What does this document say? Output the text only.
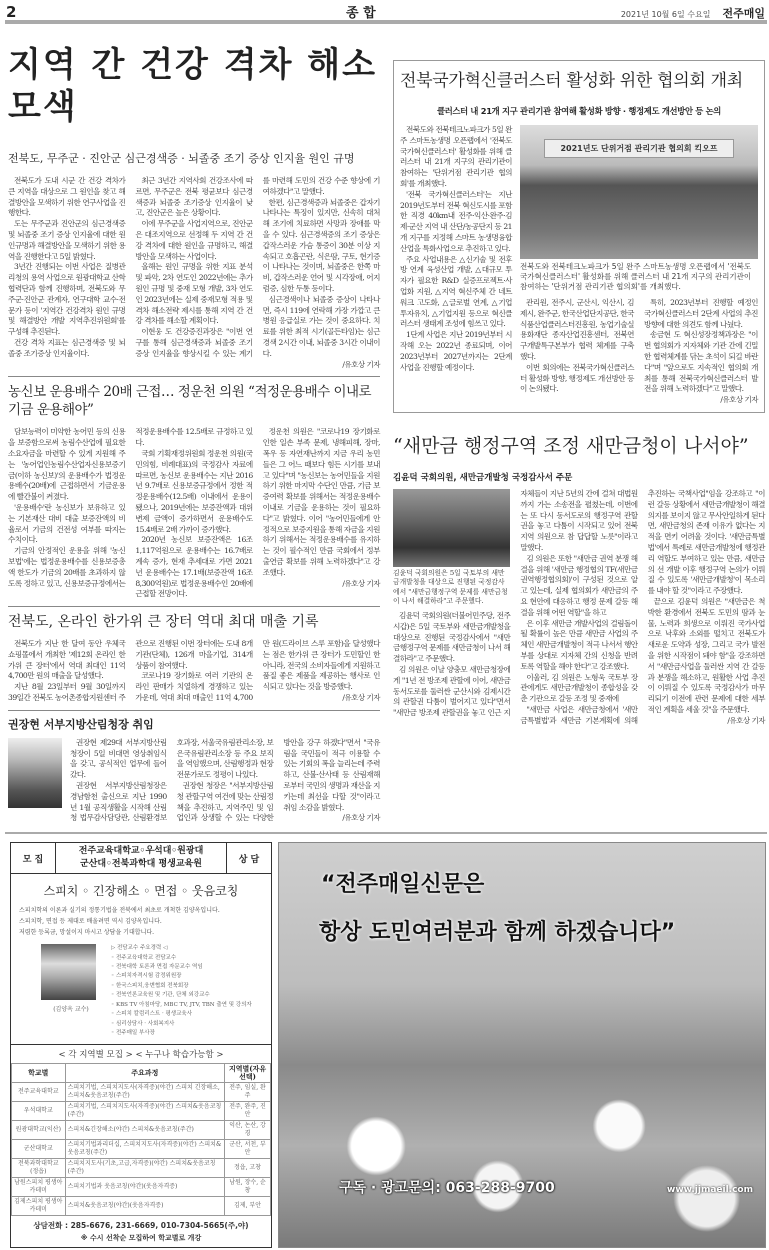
2	종 합	2021년 10월 6일 수요일 전주매일
지역 간 건강 격차 해소 모색
전북도, 무주군 · 진안군 심근경색증 · 뇌졸중 조기 증상 인지율 원인 규명

전북도가 도내 시군 간 건강 격차가 큰 지역을 대상으로 그 원인을 찾고 해결방안을 모색하기 위한 연구사업을 진행한다.

도는 무주군과 진안군의 심근경색증 및 뇌졸중 조기 증상 인지율에 대한 원인규명과 해결방안을 모색하기 위한 용역을 진행한다고 5일 밝혔다.

3년간 진행되는 이번 사업은 질병관리청의 용역 사업으로 원광대학교 산학협력단과 함께 진행하며, 전북도와 무주군·진안군 관계자, 연구대학 교수·전문가 등이 '지역간 건강격차 원인 규명 및 해결방안 개발 지역추진위원회'를 구성해 추진된다.

건강 격차 지표는 심근경색증 및 뇌졸중 조기증상 인지율이다.

최근 3년간 지역사회 건강조사에 따르면, 무주군은 전북 평균보다 심근경색증과 뇌졸중 조기증상 인지율이 낮고, 진안군은 높은 상황이다.

이에 무주군을 사업지역으로, 진안군은 대조지역으로 선정해 두 지역 간 건강 격차에 대한 원인을 규명하고, 해결방안을 모색하는 사업이다.

올해는 원인 규명을 위한 지표 분석 및 파악, 2차 연도인 2022년에는 추가 원인 규명 및 중재 모형 개발, 3차 연도인 2023년에는 실제 중재모형 적용 및 격차 해소전략 제시를 통해 지역 간 건강 격차를 해소할 계획이다.

이현웅 도 건강증진과장은 "이번 연구를 통해 심근경색증과 뇌졸중 조기 증상 인지율을 향상시킬 수 있는 계기를 마련해 도민의 건강 수준 향상에 기여하겠다"고 말했다.

한편, 심근경색증과 뇌졸중은 갑자기 나타나는 특징이 있지만, 신속히 대처해 조기에 치료하면 사망과 장애를 막을 수 있다. 심근경색증의 조기 증상은 갑작스러운 가슴 통증이 30분 이상 지속되고 호흡곤란, 식은땀, 구토, 현기증이 나타나는 것이며, 뇌졸중은 한쪽 마비, 갑작스러운 언어 및 시각장애, 어지럼증, 심한 두통 등이다.

심근경색이나 뇌졸중 증상이 나타나면, 즉시 119에 연락해 가장 가깝고 큰 병원 응급실로 가는 것이 중요하다. 치료를 위한 최적 시기(골든타임)는 심근경색 2시간 이내, 뇌졸중 3시간 이내이다.

/유호상 기자
농신보 운용배수 20배 근접… 정운천 의원 “적정운용배수 이내로 기금 운용해야”

담보능력이 미약한 농어민 등의 신용을 보증함으로써 농림수산업에 필요한 소요자금을 마련할 수 있게 지원해 주는 '농어업인농림수산업자신용보증기금(이하 농신보)'의 운용배수가 법정운용배수(20배)에 근접하면서 기금운용에 빨간불이 켜졌다.

'운용배수'란 농신보가 보유하고 있는 기본재산 대비 대출 보증잔액의 비율로서 기금의 건전성 여부를 따지는 수치이다.

기금의 안정적인 운용을 위해 '농신보법'에는 법정운용배수를 신용보증총액 한도가 기금의 20배를 초과하지 않도록 정하고 있고, 신용보증규정에서는 적정운용배수를 12.5배로 규정하고 있다.

국회 기획재정위원회 정운천 의원(국민의힘, 비례대표)의 국정감사 자료에 따르면, 농신보 운용배수는 지난 2016년 9.7배로 신용보증규정에서 정한 적정운용배수(12.5배) 이내에서 운용이 됐으나, 2019년에는 보증잔액과 대위변제 금액이 증가하면서 운용배수도 15.4배로 2배 가까이 증가했다.

2020년 농신보 보증잔액은 16조 1,117억원으로 운용배수는 16.7배로 계속 증가, 현재 추세대로 가면 2021년 운용배수는 17.1배(보증잔액 16조 8,300억원)로 법정운용배수인 20배에 근접할 전망이다.

정운천 의원은 "코로나19 장기화로 인한 일손 부족 문제, 냉해피해, 장마, 폭우 등 자연재난까지 지금 우리 농민들은 그 어느 때보다 힘든 시기를 보내고 있다"며 "농신보는 농어민들을 지원하기 위한 마지막 수단인 만큼, 기금 보증여력 확보를 위해서는 적정운용배수 이내로 기금을 운용하는 것이 필요하다"고 밝혔다. 이어 "농어민들에게 안정적으로 보증지원을 통해 자금을 지원하기 위해서는 적정운용배수를 유지하는 것이 필수적인 만큼 국회에서 정부출연금 확보를 위해 노력하겠다"고 강조했다.

/유호상 기자
전북도, 온라인 한가위 큰 장터 역대 최대 매출 기록

전북도가 지난 한 달여 동안 우체국 쇼핑몰에서 개최한 '제12회 온라인 한가위 큰 장터'에서 역대 최대인 11억 4,700만 원의 매출을 달성했다.

지난 8월 23일부터 9월 30일까지 39일간 전북도 농어촌종합지원센터 주관으로 진행된 이번 장터에는 도내 8개 기관(단체), 126개 마을기업, 314개 상품이 참여했다.

코로나19 장기화로 여러 기관의 온라인 판매가 치열하게 경쟁하고 있는 가운데, 역대 최대 매출인 11억 4,700만 원(드라이브 스루 포함)을 달성했다는 점은 한가위 큰 장터가 도민할인 한 아니라, 전국의 소비자들에게 지원하고 품질 좋은 제품을 제공하는 행사로 인식되고 있다는 것을 방증했다.

/유호상 기자
권장현 서부지방산림청장 취임

권장현 제29대 서부지방산림청장이 5일 비대면 영상취임식을 갖고, 공식적인 업무에 들어갔다.

권장현 서부지방산림청장은 경남함천 출신으로 지난 1990년 1월 공직생활을 시작해 산림청 법무감사담당관, 산림환경보호과장, 서울국유림관리소장, 보은국유림관리소장 등 주요 보직을 역임했으며, 산림행정과 현장전문가로도 정평이 나있다.

권장현 청장은 "서부지방산림청 관할구역 여건에 맞는 산림정책을 추진하고, 지역주민 및 임업인과 상생할 수 있는 다양한 방안을 강구 하겠다"면서 "국유림을 국민들이 적극 이용할 수 있는 기회의 폭을 늘리는데 주력하고, 산불·산사태 등 산림재해로부터 국민의 생명과 재산을 지키는데 최선을 다할 것"이라고 취임 소감을 밝혔다.

/유호상 기자
전북국가혁신클러스터 활성화 위한 협의회 개최
클러스터 내 21개 지구 관리기관 참여해 활성화 방향 · 행정제도 개선방안 등 논의

전북도와 전북테크노파크가 5일 완주 스마트농생명 오픈랩에서 '전북도 국가혁신클러스터' 활성화를 위해 클러스터 내 21개 지구의 관리기관이 참여하는 '단위거점 관리기관 협의회'를 개최했다.

'전북 국가혁신클러스터'는 지난 2019년도부터 전북 혁신도시를 포함한 직경 40km내 전주·익산·완주·김제·군산 지역 내 산단/농공단지 등 21개 지구를 지정해 스마트 농생명융합산업을 특화사업으로 추진하고 있다.

주요 사업내용은 △신기술 및 전후방 연계 육성산업 개발, △대규모 투자가 필요한 R&D 실증프로젝트·사업화 지원, △지역 혁신주체 간 네트워크 고도화, △글로벌 연계, △기업 투자유치, △기업지원 등으로 혁신클러스터 생태계 조성에 힘쓰고 있다.

1단계 사업은 지난 2019년부터 시작해 오는 2022년 종료되며, 이어 2023년부터 2027년까지는 2단계 사업을 진행할 예정이다.

2021년도 단위거점 관리기관 협의회 킥오프
전북도와 전북테크노파크가 5일 완주 스마트농생명 오픈랩에서 '전북도 국가혁신클러스터' 활성화를 위해 클러스터 내 21개 지구의 관리기관이 참여하는 '단위거점 관리기관 협의회'를 개최했다.

관리원, 전주시, 군산시, 익산시, 김제시, 완주군, 한국산업단지공단, 한국식품산업클러스터진흥원, 농업기술실용화재단 종자산업진흥센터, 전북연구개발특구본부가 협력 체계를 구축했다.

이번 회의에는 전북국가혁신클러스터 활성화 방향, 행정제도 개선방안 등이 논의됐다.

특히, 2023년부터 진행할 예정인 국가혁신클러스터 2단계 사업의 추진방향에 대한 의견도 함께 나눴다.

송금현 도 혁신성장정책과장은 "이번 협의회가 지자체와 기관 간에 긴밀한 협력체계를 닦는 초석이 되길 바란다"며 "앞으로도 지속적인 협의회 개최를 통해 전북국가혁신클러스터 발전을 위해 노력하겠다"고 말했다.

/유호상 기자
“새만금 행정구역 조정 새만금청이 나서야”
김윤덕 국회의원, 새만금개발청 국정감사서 주문
김윤덕 국회의원은 5일 국토부의 새만금개발청을 대상으로 진행된 국정감사에서 "새만금행정구역 문제를 새만금청이 나서 해결하라"고 주문했다.

김윤덕 국회의원(더불어민주당, 전주시갑)은 5일 국토부와 새만금개발청을 대상으로 진행된 국정감사에서 "새만금행정구역 문제를 새만금청이 나서 해결하라"고 주문했다.

김 의원은 이날 양충모 새만금청장에게 "1년 전 방조제 관할에 이어, 새만금 동서도로를 둘러싼 군산시와 김제시간의 관할권 다툼이 벌어지고 있다"면서 "새만금 방조제 관할권을 놓고 인근 지자체들이 지난 5년의 간에 걸쳐 대법원까지 가는 소송전을 펼쳤는데, 이번에는 또 다시 동서도로의 행정구역 관할권을 놓고 다툼이 시작되고 있어 전북지역 의원으로 참 답답할 노릇"이라고 말했다.

김 의원은 또한 "새만금 권역 분쟁 해결을 위해 '새만금 행정협의 TF(새만금권역행정협의회)'이 구성된 것으로 알고 있는데, 실제 협의회가 새만금의 주요 현안에 대응하고 행정 문제 갈등 해결을 위해 어떤 역할"을 하고

은 이후 새만금 개발사업의 걸림돌이 될 확률이 높은 만큼 새만금 사업의 주체인 새만금개발청이 적극 나서서 행안부를 상대로 지자체 간의 신청을 반려토록 역할을 해야 한다"고 강조했다.

이울러, 김 의원은 노형욱 국토부 장관에게도 새만금개발청이 종합성을 갖춘 기관으로 갈등 조정 및 중재에

"새만금 사업은 새만금청에서 '새만금특별법'과 새만금 기본계획에 의해 추진하는 국책사업"임을 강조하고 "이런 갈등 상황에서 새만금개발청이 해결 의지를 보이지 않고 무사안일하게 된다면, 새만금청의 존재 이유가 없다는 지적을 면키 어려울 것이다. '새만금특별법'에서 특례로 새만금개발청에 행정관리 역할도 부여하고 있는 만큼, 새만금의 선 개발 이후 행정구역 논의가 이뤄 질 수 있도록 '새만금개발청'이 목소리를 내야 할 것"이라고 주장했다.

끝으로 김윤덕 의원은 "새만금은 척박한 환경에서 전북도 도민의 땀과 눈물, 노력과 희생으로 이뤄진 국가사업으로 낙후와 소외를 떨치고 전북도가 새로운 도약과 성장, 그리고 국가 발전을 위한 시작점이 돼야 함"을 강조하면서 "새만금사업을 둘러싼 지역 간 갈등과 분쟁을 해소하고, 원활한 사업 추진이 이뤄질 수 있도록 국정감사가 마무리되기 이전에 관련 문제에 대한 세부적인 계획을 세울 것"을 주문했다.

/유호상 기자
모 집
전주교육대학교◦우석대◦원광대
군산대◦전북과학대 평생교육원	상 담
스피치 ◦ 긴장해소 ◦ 면접 ◦ 웃음코칭
스피치학의 이론과 실기의 정통기법을 전북에서 최초로 개척한 김양옥입니다.
스피치학, 면접 등 제대로 배울려면 역시 김양옥입니다.
저렴한 등록금, 망설이지 마시고 상담을 기대합니다.
(김양옥 교수)
▷ 전담교수 주요경력 ◁
◦ 전주교육대학교 전담교수
◦ 전북대학 토론과 면접 자문교수 역임
◦ 스피치자격시험 감정위원장
◦ 한국스피치,웅변협회 전북회장
◦ 전북언론교육원 및 기관, 단체 외강교수
◦ KBS TV 아침마당, MBC TV, JTV, TBN 출연 및 강의자
◦ 스피치 칼럼리스트 · 평생교육사
◦ 심리상담사 · 사회복지사
◦ 전주매일 부사장
< 각 지역별 모집 > < 누구나 학습가능함 >
학교별	주요과정	지역별(자유선택)
전주교육대학교	스피치기법, 스피치지도사(자격증)(야간) 스피치 긴장해소, 스피치&웃음코칭(주간)	전주, 임실, 완주
우석대학교	스피치기법, 스피치지도사(자격증)(야간) 스피치&웃음코칭(주간)	전주, 완주, 진안
원광대학교(익산)	스피치&긴장해소(야간) 스피치&웃음코칭(주간)	익산, 논산, 강경
군산대학교	스피치기법과리더십, 스피치지도사(자격증)(야간) 스피치&웃음코칭(주간)	군산, 서천, 부안
전북과학대학교(정읍)	스피치지도사(기초,고급,자격증)(야간) 스피치&웃음코칭(주간)	정읍, 고창
남원스피치 평생아카데미	스피치기법과 웃음코칭(야간)(웃음자격증)	남원, 장수, 순창
김제스피치 평생아카데미	스피치&웃음코칭(야간)(웃음자격증)	김제, 부안
상담전화 : 285-6676, 231-6669, 010-7304-5665(주,야)
※ 수시 선착순 모집하여 학교별로 개강
“전주매일신문은
항상 도민여러분과 함께 하겠습니다”
구독 · 광고문의: 063-288-9700	www.jjmaeil.com
